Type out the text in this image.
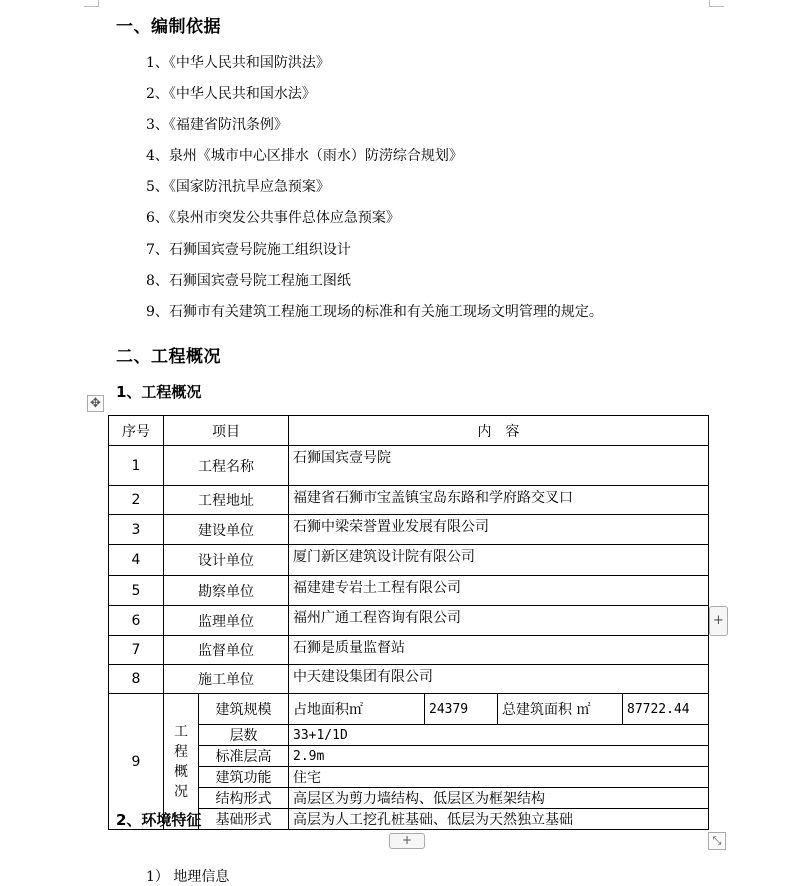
一、编制依据
1、《中华人民共和国防洪法》
2、《中华人民共和国水法》
3、《福建省防汛条例》
4、泉州《城市中心区排水（雨水）防涝综合规划》
5、《国家防汛抗旱应急预案》
6、《泉州市突发公共事件总体应急预案》
7、石狮国宾壹号院施工组织设计
8、石狮国宾壹号院工程施工图纸
9、石狮市有关建筑工程施工现场的标准和有关施工现场文明管理的规定。
二、工程概况
1、工程概况
✥
序号	项目		内　容			
1	工程名称		石狮国宾壹号院			
2	工程地址		福建省石狮市宝盖镇宝岛东路和学府路交叉口			
3	建设单位		石狮中梁荣誉置业发展有限公司			
4	设计单位		厦门新区建筑设计院有限公司			
5	勘察单位		福建建专岩土工程有限公司			
6	监理单位		福州广通工程咨询有限公司			
7	监督单位		石狮是质量监督站			
8	施工单位		中天建设集团有限公司			
9	工程概况	建筑规模	占地面积㎡	24379	总建筑面积 ㎡	87722.44
		层数	33+1/1D			
		标准层高	2.9m			
		建筑功能	住宅			
		结构形式	高层区为剪力墙结构、低层区为框架结构			
		基础形式	高层为人工挖孔桩基础、低层为天然独立基础			
+
+	⤡
2、环境特征
1） 地理信息
